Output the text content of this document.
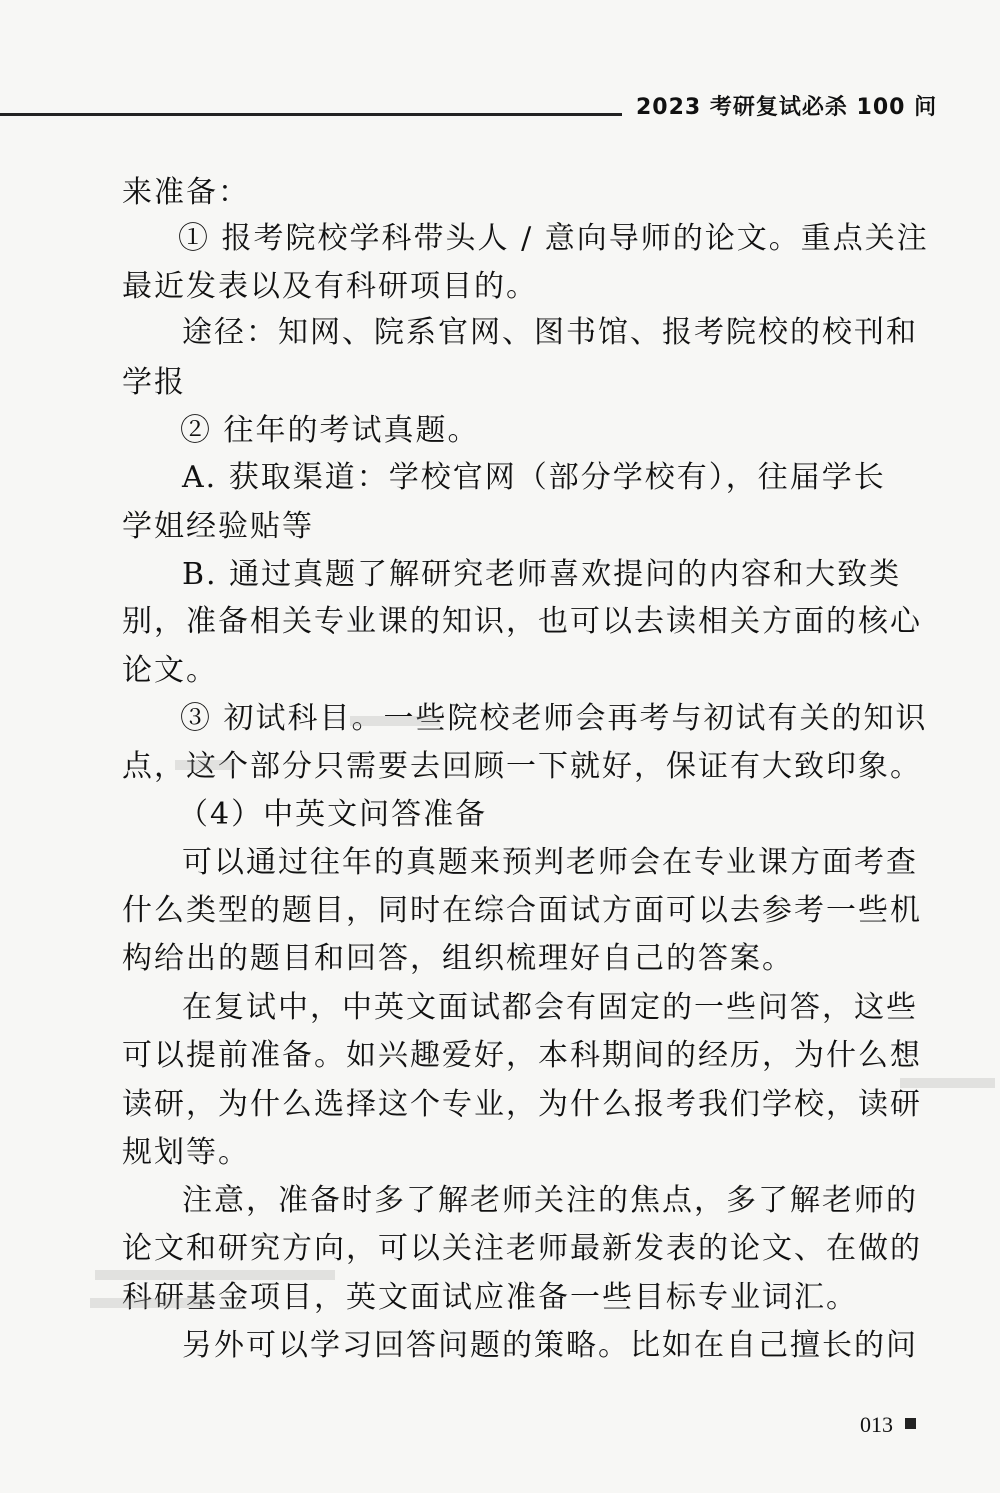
2023 考研复试必杀 100 问
来准备：
① 报考院校学科带头人 / 意向导师的论文。重点关注
最近发表以及有科研项目的。
途径：知网、院系官网、图书馆、报考院校的校刊和
学报
② 往年的考试真题。
A. 获取渠道：学校官网（部分学校有），往届学长
学姐经验贴等
B. 通过真题了解研究老师喜欢提问的内容和大致类
别，准备相关专业课的知识，也可以去读相关方面的核心
论文。
③ 初试科目。一些院校老师会再考与初试有关的知识
点，这个部分只需要去回顾一下就好，保证有大致印象。
（4）中英文问答准备
可以通过往年的真题来预判老师会在专业课方面考查
什么类型的题目，同时在综合面试方面可以去参考一些机
构给出的题目和回答，组织梳理好自己的答案。
在复试中，中英文面试都会有固定的一些问答，这些
可以提前准备。如兴趣爱好，本科期间的经历，为什么想
读研，为什么选择这个专业，为什么报考我们学校，读研
规划等。
注意，准备时多了解老师关注的焦点，多了解老师的
论文和研究方向，可以关注老师最新发表的论文、在做的
科研基金项目，英文面试应准备一些目标专业词汇。
另外可以学习回答问题的策略。比如在自己擅长的问
013
